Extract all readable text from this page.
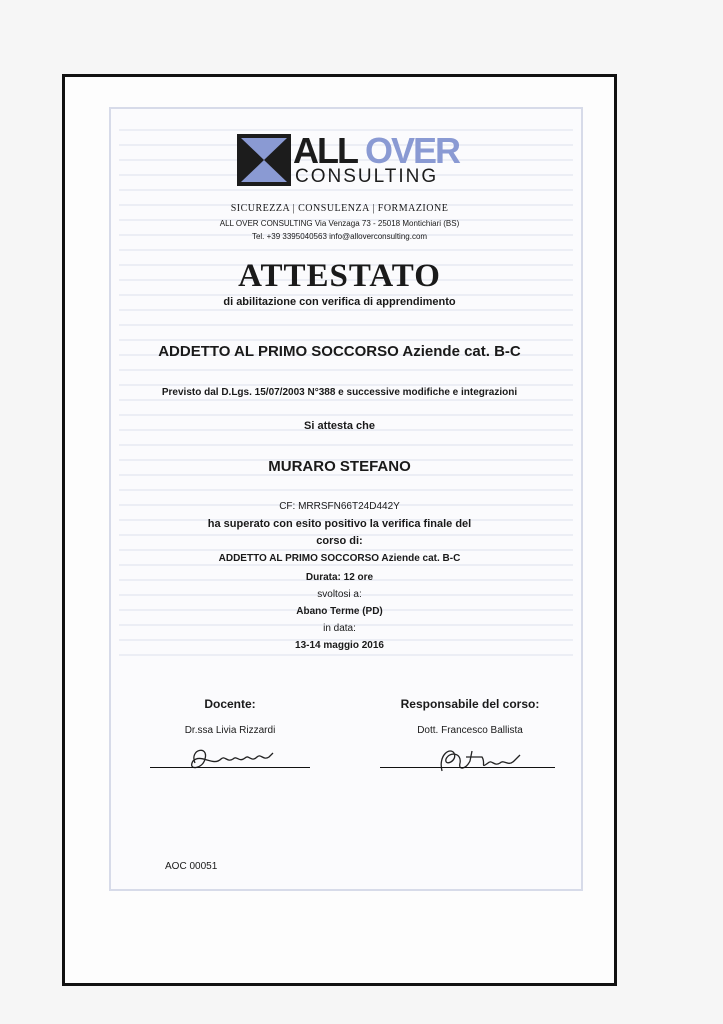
ALL OVER
CONSULTING
SICUREZZA | CONSULENZA | FORMAZIONE
ALL OVER CONSULTING Via Venzaga 73 - 25018 Montichiari (BS)
Tel. +39 3395040563 info@alloverconsulting.com
ATTESTATO
di abilitazione con verifica di apprendimento
ADDETTO AL PRIMO SOCCORSO Aziende cat. B-C
Previsto dal D.Lgs. 15/07/2003 N°388 e successive modifiche e integrazioni
Si attesta che
MURARO STEFANO
CF: MRRSFN66T24D442Y
ha superato con esito positivo la verifica finale del
corso di:
ADDETTO AL PRIMO SOCCORSO Aziende cat. B-C
Durata: 12 ore
svoltosi a:
Abano Terme (PD)
in data:
13-14 maggio 2016
Docente:
Dr.ssa Livia Rizzardi
Responsabile del corso:
Dott. Francesco Ballista
AOC 00051
